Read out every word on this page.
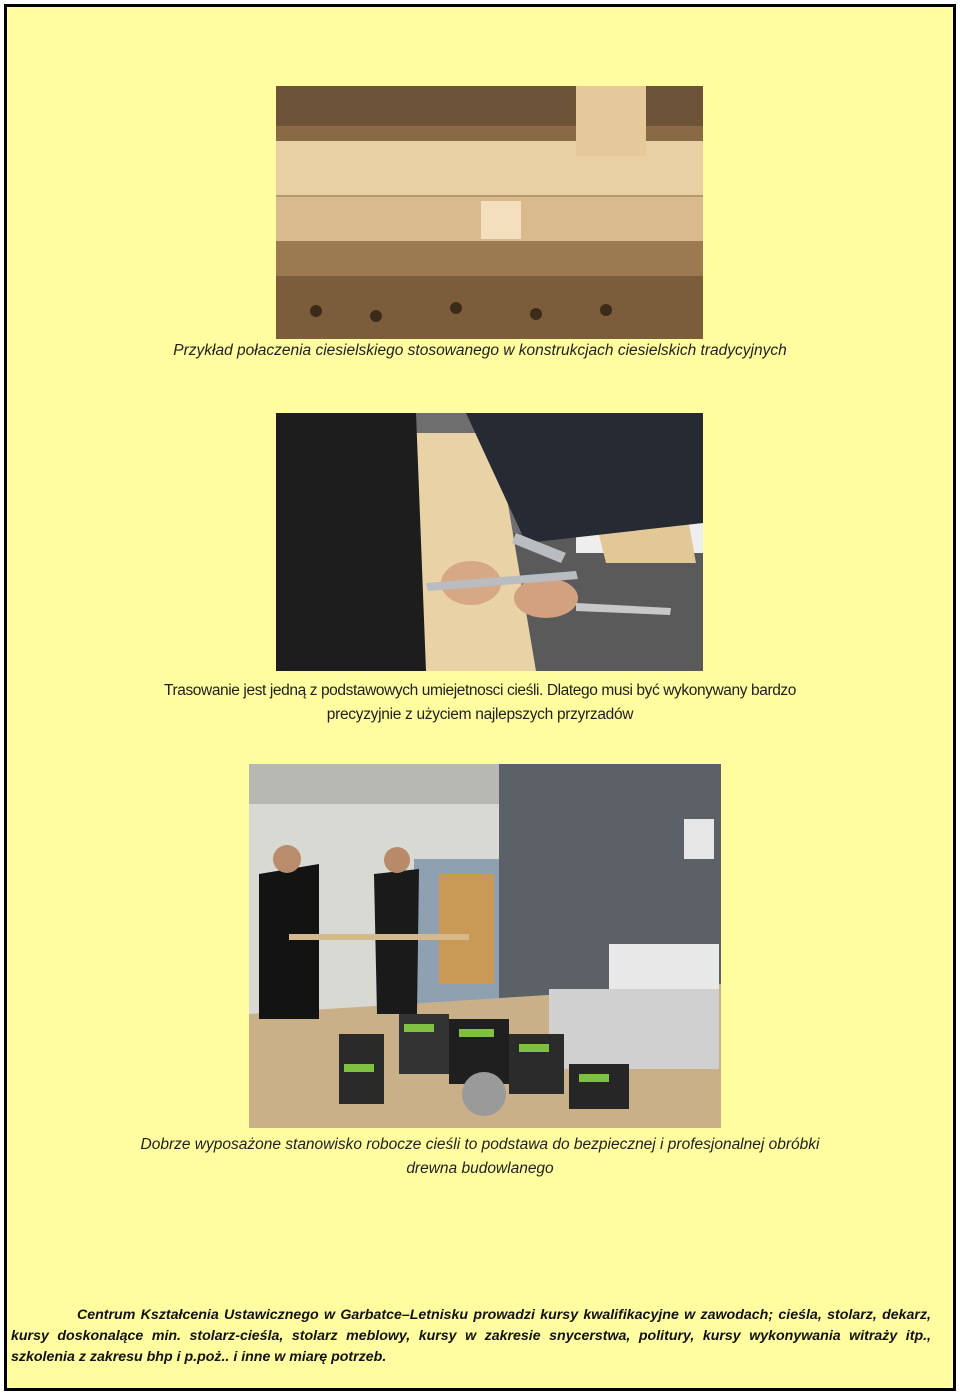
Przykład połaczenia ciesielskiego stosowanego w konstrukcjach ciesielskich tradycyjnych
Trasowanie jest jedną z podstawowych umiejetnosci cieśli. Dlatego musi być wykonywany bardzo
precyzyjnie z użyciem najlepszych przyrzadów
Dobrze wyposażone stanowisko robocze cieśli to podstawa do bezpiecznej i profesjonalnej obróbki
drewna budowlanego
Centrum Kształcenia Ustawicznego w Garbatce–Letnisku prowadzi kursy kwalifikacyjne w zawodach; cieśla, stolarz, dekarz, kursy doskonalące min. stolarz-cieśla, stolarz meblowy, kursy w zakresie snycerstwa, politury, kursy wykonywania witraży itp., szkolenia z zakresu bhp i p.poż.. i inne w miarę potrzeb.
